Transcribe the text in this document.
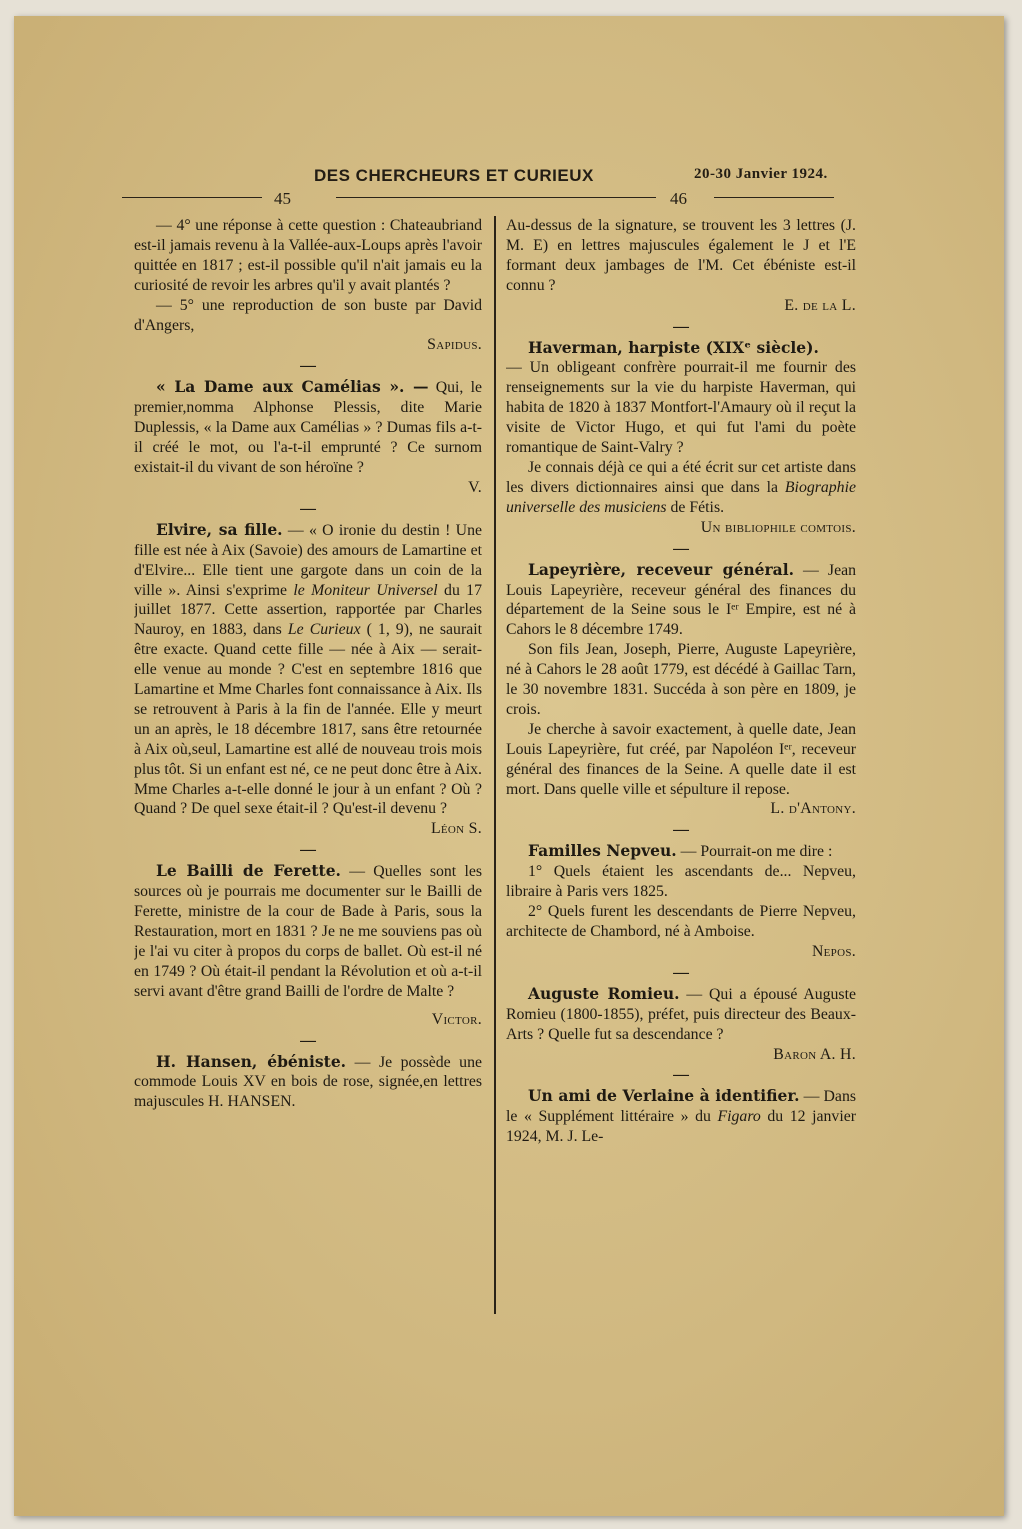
DES CHERCHEURS ET CURIEUX	20-30 Janvier 1924.
45	46

— 4° une réponse à cette question : Chateaubriand est-il jamais revenu à la Vallée-aux-Loups après l'avoir quittée en 1817 ; est-il possible qu'il n'ait jamais eu la curiosité de revoir les arbres qu'il y avait plantés ?

— 5° une reproduction de son buste par David d'Angers,

Sapidus.

—

« La Dame aux Camélias ». — Qui, le premier,nomma Alphonse Plessis, dite Marie Duplessis, « la Dame aux Camélias » ? Dumas fils a-t-il créé le mot, ou l'a-t-il emprunté ? Ce surnom existait-il du vivant de son héroïne ?

V.

—

Elvire, sa fille. — « O ironie du destin ! Une fille est née à Aix (Savoie) des amours de Lamartine et d'Elvire... Elle tient une gargote dans un coin de la ville ». Ainsi s'exprime le Moniteur Universel du 17 juillet 1877. Cette assertion, rapportée par Charles Nauroy, en 1883, dans Le Curieux ( 1, 9), ne saurait être exacte. Quand cette fille — née à Aix — serait-elle venue au monde ? C'est en septembre 1816 que Lamartine et Mme Charles font connaissance à Aix. Ils se retrouvent à Paris à la fin de l'année. Elle y meurt un an après, le 18 décembre 1817, sans être retournée à Aix où,seul, Lamartine est allé de nouveau trois mois plus tôt. Si un enfant est né, ce ne peut donc être à Aix. Mme Charles a-t-elle donné le jour à un enfant ? Où ? Quand ? De quel sexe était-il ? Qu'est-il devenu ?

Léon S.

—

Le Bailli de Ferette. — Quelles sont les sources où je pourrais me documenter sur le Bailli de Ferette, ministre de la cour de Bade à Paris, sous la Restauration, mort en 1831 ? Je ne me souviens pas où je l'ai vu citer à propos du corps de ballet. Où est-il né en 1749 ? Où était-il pendant la Révolution et où a-t-il servi avant d'être grand Bailli de l'ordre de Malte ?

Victor.

—

H. Hansen, ébéniste. — Je possède une commode Louis XV en bois de rose, signée,en lettres majuscules H. HANSEN.

Au-dessus de la signature, se trouvent les 3 lettres (J. M. E) en lettres majuscules également le J et l'E formant deux jambages de l'M. Cet ébéniste est-il connu ?

E. de la L.

—

Haverman, harpiste (XIXᵉ siècle).

— Un obligeant confrère pourrait-il me fournir des renseignements sur la vie du harpiste Haverman, qui habita de 1820 à 1837 Montfort-l'Amaury où il reçut la visite de Victor Hugo, et qui fut l'ami du poète romantique de Saint-Valry ?

Je connais déjà ce qui a été écrit sur cet artiste dans les divers dictionnaires ainsi que dans la Biographie universelle des musiciens de Fétis.

Un bibliophile comtois.

—

Lapeyrière, receveur général. — Jean Louis Lapeyrière, receveur général des finances du département de la Seine sous le Iᵉʳ Empire, est né à Cahors le 8 décembre 1749.

Son fils Jean, Joseph, Pierre, Auguste Lapeyrière, né à Cahors le 28 août 1779, est décédé à Gaillac Tarn, le 30 novembre 1831. Succéda à son père en 1809, je crois.

Je cherche à savoir exactement, à quelle date, Jean Louis Lapeyrière, fut créé, par Napoléon Iᵉʳ, receveur général des finances de la Seine. A quelle date il est mort. Dans quelle ville et sépulture il repose.

L. d'Antony.

—

Familles Nepveu. — Pourrait-on me dire :

1° Quels étaient les ascendants de... Nepveu, libraire à Paris vers 1825.

2° Quels furent les descendants de Pierre Nepveu, architecte de Chambord, né à Amboise.

Nepos.

—

Auguste Romieu. — Qui a épousé Auguste Romieu (1800-1855), préfet, puis directeur des Beaux-Arts ? Quelle fut sa descendance ?

Baron A. H.

—

Un ami de Verlaine à identifier. — Dans le « Supplément littéraire » du Figaro du 12 janvier 1924, M. J. Le-
